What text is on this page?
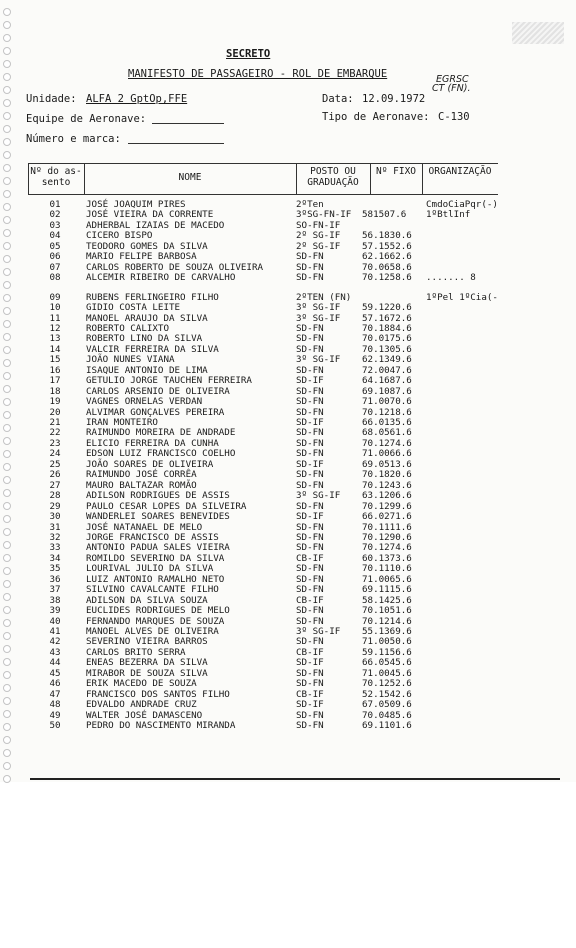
SECRETO
MANIFESTO DE PASSAGEIRO - ROL DE EMBARQUE	EGRSC
CT (FN).
Unidade: ALFA 2 GptOp,FFE	Data: 12.09.1972
Equipe de Aeronave:	Tipo de Aeronave: C-130
Número e marca:
Nº do as-
sento	NOME
POSTO OU
GRADUAÇÃO
Nº FIXO	ORGANIZAÇÃO
01	JOSÉ JOAQUIM PIRES	2ºTen	CmdoCiaPqr(-)
02	JOSÉ VIEIRA DA CORRENTE	3ºSG-FN-IF 581507.6 1ºBtlInf
03	ADHERBAL IZAIAS DE MACEDO	SO-FN-IF
04	CICERO BISPO	2º SG-IF 56.1830.6
05	TEODORO GOMES DA SILVA	2º SG-IF 57.1552.6
06	MARIO FELIPE BARBOSA	SD-FN	62.1662.6
07	CARLOS ROBERTO DE SOUZA OLIVEIRA	SD-FN	70.0658.6
08	ALCEMIR RIBEIRO DE CARVALHO	SD-FN	70.1258.6 ....... 8
09	RUBENS FERLINGEIRO FILHO	2ºTEN (FN)	1ºPel 1ºCia(-
10	GIDIO COSTA LEITE	3º SG-IF 59.1220.6
11	MANOEL ARAUJO DA SILVA	3º SG-IF 57.1672.6
12	ROBERTO CALIXTO	SD-FN	70.1884.6
13	ROBERTO LINO DA SILVA	SD-FN	70.0175.6
14	VALCIR FERREIRA DA SILVA	SD-FN	70.1305.6
15	JOÃO NUNES VIANA	3º SG-IF 62.1349.6
16	ISAQUE ANTONIO DE LIMA	SD-FN	72.0047.6
17	GETULIO JORGE TAUCHEN FERREIRA	SD-IF	64.1687.6
18	CARLOS ARSENIO DE OLIVEIRA	SD-FN	69.1087.6
19	VAGNES ORNELAS VERDAN	SD-FN	71.0070.6
20	ALVIMAR GONÇALVES PEREIRA	SD-FN	70.1218.6
21	IRAN MONTEIRO	SD-IF	66.0135.6
22	RAIMUNDO MOREIRA DE ANDRADE	SD-FN	68.0561.6
23	ELICIO FERREIRA DA CUNHA	SD-FN	70.1274.6
24	EDSON LUIZ FRANCISCO COELHO	SD-FN	71.0066.6
25	JOÃO SOARES DE OLIVEIRA	SD-IF	69.0513.6
26	RAIMUNDO JOSÉ CORRÊA	SD-FN	70.1820.6
27	MAURO BALTAZAR ROMÃO	SD-FN	70.1243.6
28	ADILSON RODRIGUES DE ASSIS	3º SG-IF 63.1206.6
29	PAULO CESAR LOPES DA SILVEIRA	SD-FN	70.1299.6
30	WANDERLEI SOARES BENEVIDES	SD-IF	66.0271.6
31	JOSÉ NATANAEL DE MELO	SD-FN	70.1111.6
32	JORGE FRANCISCO DE ASSIS	SD-FN	70.1290.6
33	ANTONIO PADUA SALES VIEIRA	SD-FN	70.1274.6
34	ROMILDO SEVERINO DA SILVA	CB-IF	60.1373.6
35	LOURIVAL JULIO DA SILVA	SD-FN	70.1110.6
36	LUIZ ANTONIO RAMALHO NETO	SD-FN	71.0065.6
37	SILVINO CAVALCANTE FILHO	SD-FN	69.1115.6
38	ADILSON DA SILVA SOUZA	CB-IF	58.1425.6
39	EUCLIDES RODRIGUES DE MELO	SD-FN	70.1051.6
40	FERNANDO MARQUES DE SOUZA	SD-FN	70.1214.6
41	MANOEL ALVES DE OLIVEIRA	3º SG-IF 55.1369.6
42	SEVERINO VIEIRA BARROS	SD-FN	71.0050.6
43	CARLOS BRITO SERRA	CB-IF	59.1156.6
44	ENEAS BEZERRA DA SILVA	SD-IF	66.0545.6
45	MIRABOR DE SOUZA SILVA	SD-FN	71.0045.6
46	ERIK MACEDO DE SOUZA	SD-FN	70.1252.6
47	FRANCISCO DOS SANTOS FILHO	CB-IF	52.1542.6
48	EDVALDO ANDRADE CRUZ	SD-IF	67.0509.6
49	WALTER JOSÉ DAMASCENO	SD-FN	70.0485.6
50	PEDRO DO NASCIMENTO MIRANDA	SD-FN	69.1101.6
